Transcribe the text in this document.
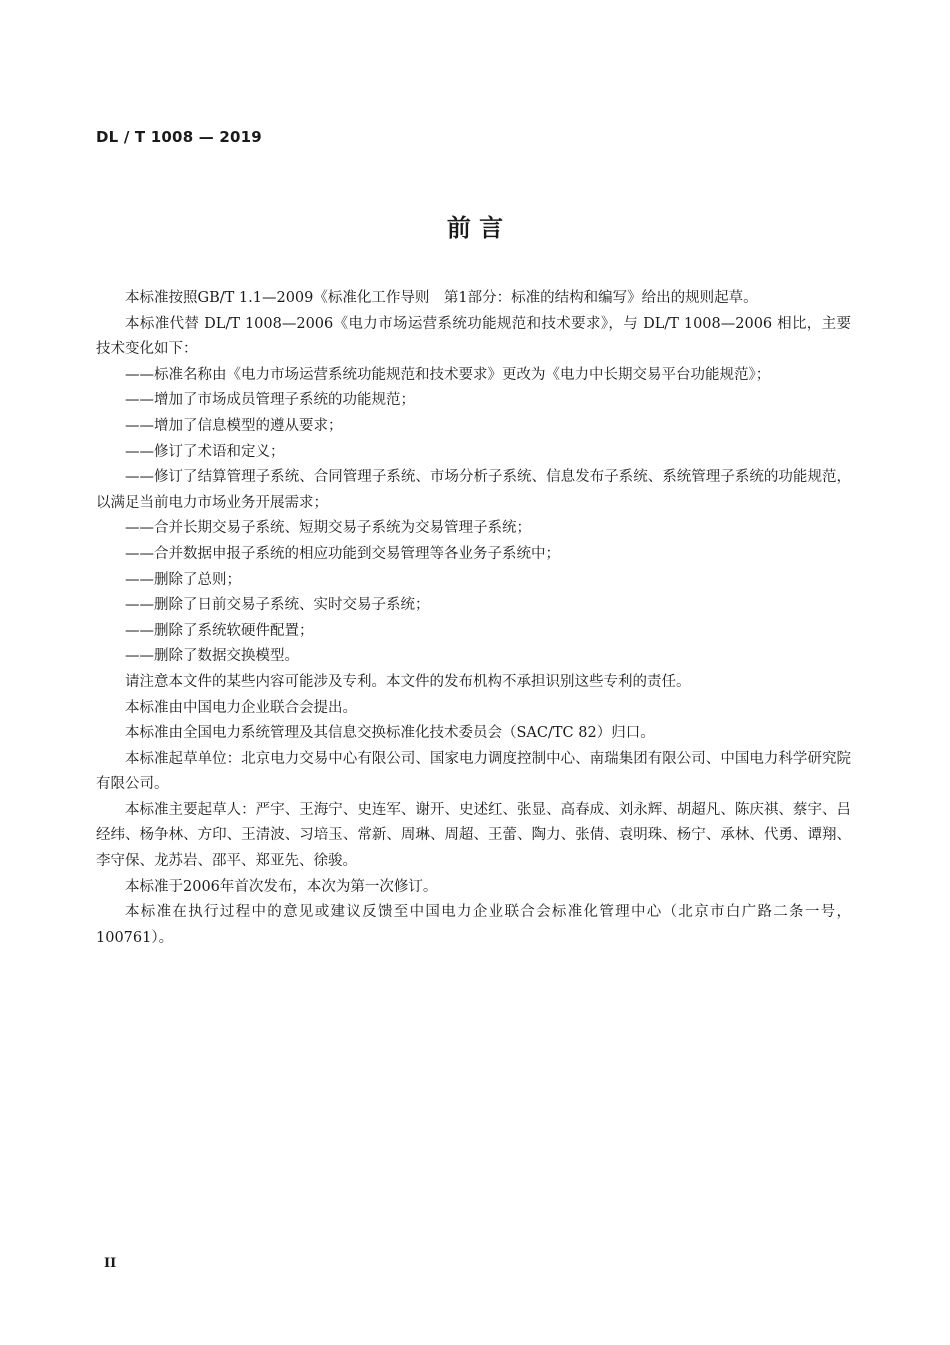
DL / T 1008 — 2019
前 言

本标准按照GB/T 1.1—2009《标准化工作导则　第1部分：标准的结构和编写》给出的规则起草。

本标准代替 DL/T 1008—2006《电力市场运营系统功能规范和技术要求》，与 DL/T 1008—2006 相比，主要技术变化如下：

——标准名称由《电力市场运营系统功能规范和技术要求》更改为《电力中长期交易平台功能规范》；

——增加了市场成员管理子系统的功能规范；

——增加了信息模型的遵从要求；

——修订了术语和定义；

——修订了结算管理子系统、合同管理子系统、市场分析子系统、信息发布子系统、系统管理子系统的功能规范，以满足当前电力市场业务开展需求；

——合并长期交易子系统、短期交易子系统为交易管理子系统；

——合并数据申报子系统的相应功能到交易管理等各业务子系统中；

——删除了总则；

——删除了日前交易子系统、实时交易子系统；

——删除了系统软硬件配置；

——删除了数据交换模型。

请注意本文件的某些内容可能涉及专利。本文件的发布机构不承担识别这些专利的责任。

本标准由中国电力企业联合会提出。

本标准由全国电力系统管理及其信息交换标准化技术委员会（SAC/TC 82）归口。

本标准起草单位：北京电力交易中心有限公司、国家电力调度控制中心、南瑞集团有限公司、中国电力科学研究院有限公司。

本标准主要起草人：严宇、王海宁、史连军、谢开、史述红、张显、高春成、刘永辉、胡超凡、陈庆祺、蔡宇、吕经纬、杨争林、方印、王清波、习培玉、常新、周琳、周超、王蕾、陶力、张倩、袁明珠、杨宁、承林、代勇、谭翔、李守保、龙苏岩、邵平、郑亚先、徐骏。

本标准于2006年首次发布，本次为第一次修订。

本标准在执行过程中的意见或建议反馈至中国电力企业联合会标准化管理中心（北京市白广路二条一号，100761）。

II
